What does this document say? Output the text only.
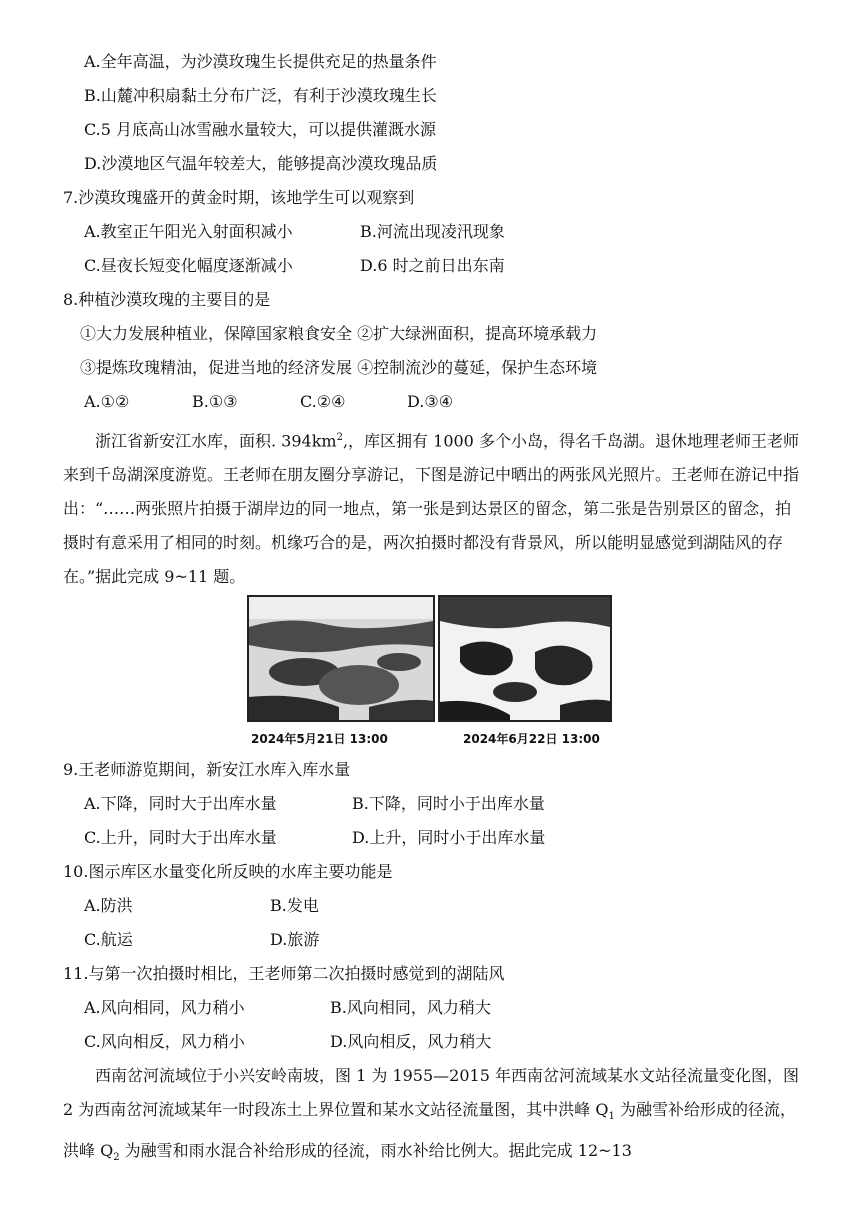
A.全年高温，为沙漠玫瑰生长提供充足的热量条件
B.山麓冲积扇黏土分布广泛，有利于沙漠玫瑰生长
C.5 月底高山冰雪融水量较大，可以提供灌溉水源
D.沙漠地区气温年较差大，能够提高沙漠玫瑰品质
7.沙漠玫瑰盛开的黄金时期，该地学生可以观察到
A.教室正午阳光入射面积减小	B.河流出现凌汛现象
C.昼夜长短变化幅度逐渐减小	D.6 时之前日出东南
8.种植沙漠玫瑰的主要目的是
①大力发展种植业，保障国家粮食安全 ②扩大绿洲面积，提高环境承载力
③提炼玫瑰精油，促进当地的经济发展 ④控制流沙的蔓延，保护生态环境
A.①②	B.①③	C.②④	D.③④
浙江省新安江水库，面积. $394km^2$,，库区拥有 1000 多个小岛，得名千岛湖。退休地理老师王老师来到千岛湖深度游览。王老师在朋友圈分享游记，下图是游记中晒出的两张风光照片。王老师在游记中指出：“……两张照片拍摄于湖岸边的同一地点，第一张是到达景区的留念，第二张是告别景区的留念，拍摄时有意采用了相同的时刻。机缘巧合的是，两次拍摄时都没有背景风，所以能明显感觉到湖陆风的存在。”据此完成 9~11 题。
2024年5月21日 13:00	2024年6月22日 13:00
9.王老师游览期间，新安江水库入库水量
A.下降，同时大于出库水量	B.下降，同时小于出库水量
C.上升，同时大于出库水量	D.上升，同时小于出库水量
10.图示库区水量变化所反映的水库主要功能是
A.防洪	B.发电
C.航运	D.旅游
11.与第一次拍摄时相比，王老师第二次拍摄时感觉到的湖陆风
A.风向相同，风力稍小	B.风向相同，风力稍大
C.风向相反，风力稍小	D.风向相反，风力稍大
西南岔河流域位于小兴安岭南坡，图 1 为 1955—2015 年西南岔河流域某水文站径流量变化图，图 2 为西南岔河流域某年一时段冻土上界位置和某水文站径流量图，其中洪峰 $Q_1$ 为融雪补给形成的径流，洪峰 $Q_2$ 为融雪和雨水混合补给形成的径流，雨水补给比例大。据此完成 12~13
